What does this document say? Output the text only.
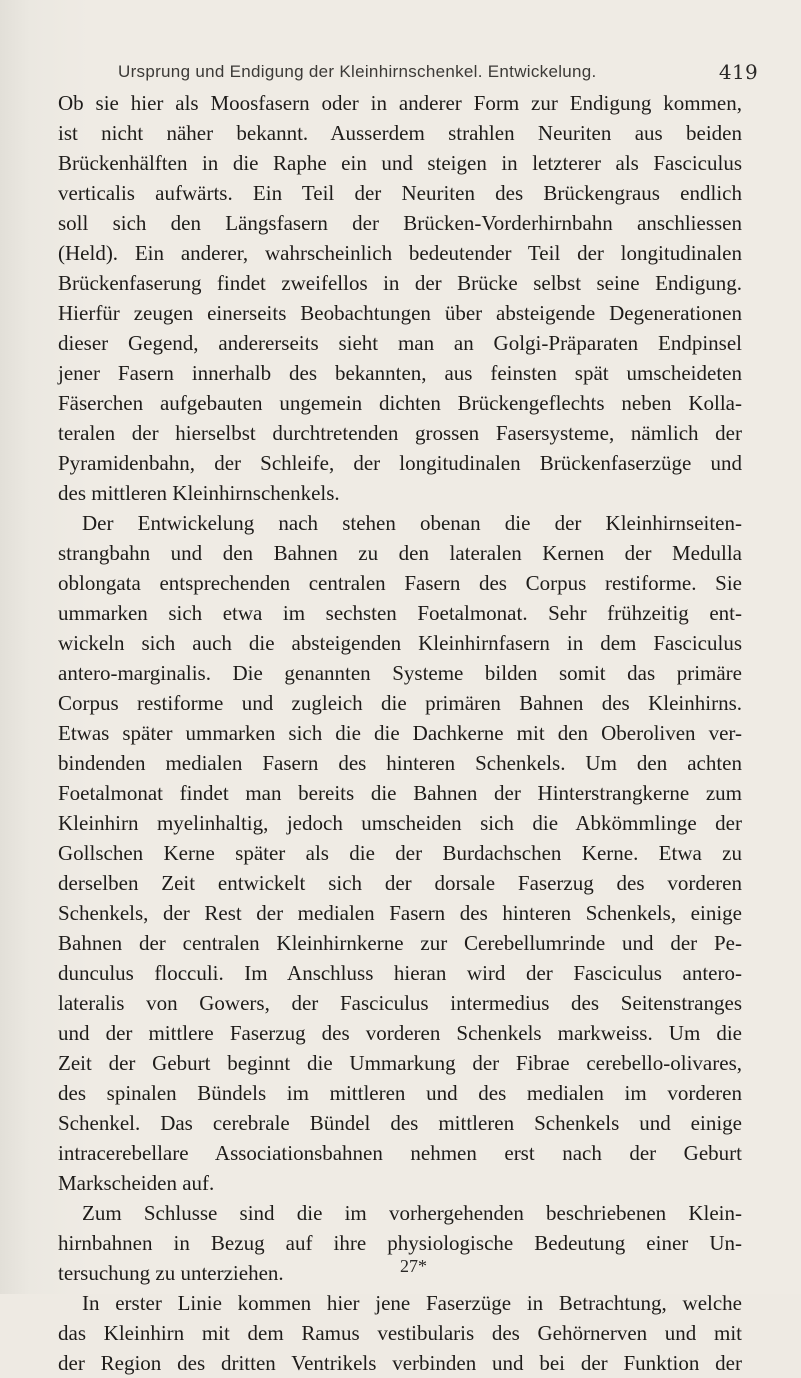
Ursprung und Endigung der Kleinhirnschenkel. Entwickelung.	419
Ob sie hier als Moosfasern oder in anderer Form zur Endigung kommen,
ist nicht näher bekannt. Ausserdem strahlen Neuriten aus beiden
Brückenhälften in die Raphe ein und steigen in letzterer als Fasciculus
verticalis aufwärts. Ein Teil der Neuriten des Brückengraus endlich
soll sich den Längsfasern der Brücken-Vorderhirnbahn anschliessen
(Held). Ein anderer, wahrscheinlich bedeutender Teil der longitudinalen
Brückenfaserung findet zweifellos in der Brücke selbst seine Endigung.
Hierfür zeugen einerseits Beobachtungen über absteigende Degenerationen
dieser Gegend, andererseits sieht man an Golgi-Präparaten Endpinsel
jener Fasern innerhalb des bekannten, aus feinsten spät umscheideten
Fäserchen aufgebauten ungemein dichten Brückengeflechts neben Kolla-
teralen der hierselbst durchtretenden grossen Fasersysteme, nämlich der
Pyramidenbahn, der Schleife, der longitudinalen Brückenfaserzüge und
des mittleren Kleinhirnschenkels.
Der Entwickelung nach stehen obenan die der Kleinhirnseiten-
strangbahn und den Bahnen zu den lateralen Kernen der Medulla
oblongata entsprechenden centralen Fasern des Corpus restiforme. Sie
ummarken sich etwa im sechsten Foetalmonat. Sehr frühzeitig ent-
wickeln sich auch die absteigenden Kleinhirnfasern in dem Fasciculus
antero-marginalis. Die genannten Systeme bilden somit das primäre
Corpus restiforme und zugleich die primären Bahnen des Kleinhirns.
Etwas später ummarken sich die die Dachkerne mit den Oberoliven ver-
bindenden medialen Fasern des hinteren Schenkels. Um den achten
Foetalmonat findet man bereits die Bahnen der Hinterstrangkerne zum
Kleinhirn myelinhaltig, jedoch umscheiden sich die Abkömmlinge der
Gollschen Kerne später als die der Burdachschen Kerne. Etwa zu
derselben Zeit entwickelt sich der dorsale Faserzug des vorderen
Schenkels, der Rest der medialen Fasern des hinteren Schenkels, einige
Bahnen der centralen Kleinhirnkerne zur Cerebellumrinde und der Pe-
dunculus flocculi. Im Anschluss hieran wird der Fasciculus antero-
lateralis von Gowers, der Fasciculus intermedius des Seitenstranges
und der mittlere Faserzug des vorderen Schenkels markweiss. Um die
Zeit der Geburt beginnt die Ummarkung der Fibrae cerebello-olivares,
des spinalen Bündels im mittleren und des medialen im vorderen
Schenkel. Das cerebrale Bündel des mittleren Schenkels und einige
intracerebellare Associationsbahnen nehmen erst nach der Geburt
Markscheiden auf.
Zum Schlusse sind die im vorhergehenden beschriebenen Klein-
hirnbahnen in Bezug auf ihre physiologische Bedeutung einer Un-
tersuchung zu unterziehen.
In erster Linie kommen hier jene Faserzüge in Betrachtung, welche
das Kleinhirn mit dem Ramus vestibularis des Gehörnerven und mit
der Region des dritten Ventrikels verbinden und bei der Funktion der
27*
